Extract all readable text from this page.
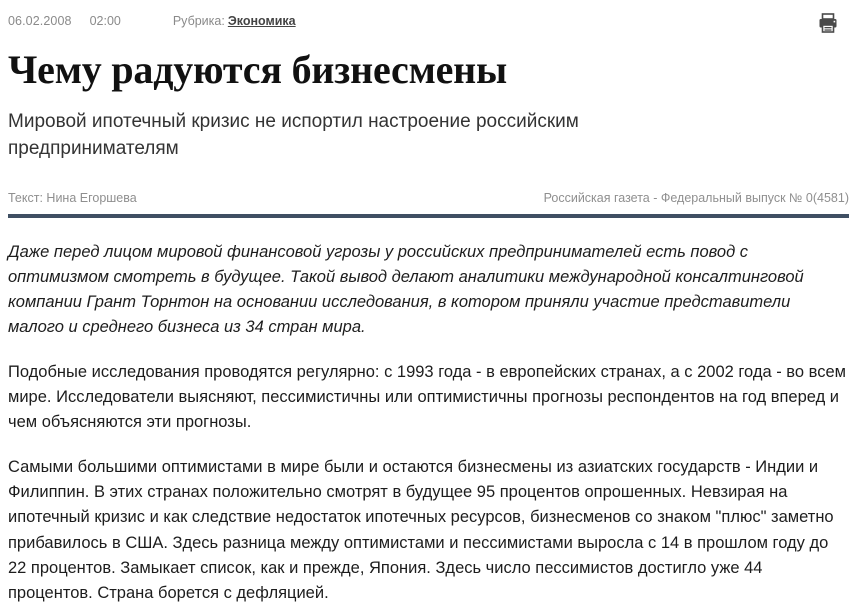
06.02.2008 02:00	Рубрика: Экономика
Чему радуются бизнесмены
Мировой ипотечный кризис не испортил настроение российским предпринимателям
Текст: Нина Егоршева	Российская газета - Федеральный выпуск № 0(4581)

Даже перед лицом мировой финансовой угрозы у российских предпринимателей есть повод с оптимизмом смотреть в будущее. Такой вывод делают аналитики международной консалтинговой компании Грант Торнтон на основании исследования, в котором приняли участие представители малого и среднего бизнеса из 34 стран мира.

Подобные исследования проводятся регулярно: с 1993 года - в европейских странах, а с 2002 года - во всем мире. Исследователи выясняют, пессимистичны или оптимистичны прогнозы респондентов на год вперед и чем объясняются эти прогнозы.

Самыми большими оптимистами в мире были и остаются бизнесмены из азиатских государств - Индии и Филиппин. В этих странах положительно смотрят в будущее 95 процентов опрошенных. Невзирая на ипотечный кризис и как следствие недостаток ипотечных ресурсов, бизнесменов со знаком "плюс" заметно прибавилось в США. Здесь разница между оптимистами и пессимистами выросла с 14 в прошлом году до 22 процентов. Замыкает список, как и прежде, Япония. Здесь число пессимистов достигло уже 44 процентов. Страна борется с дефляцией.
